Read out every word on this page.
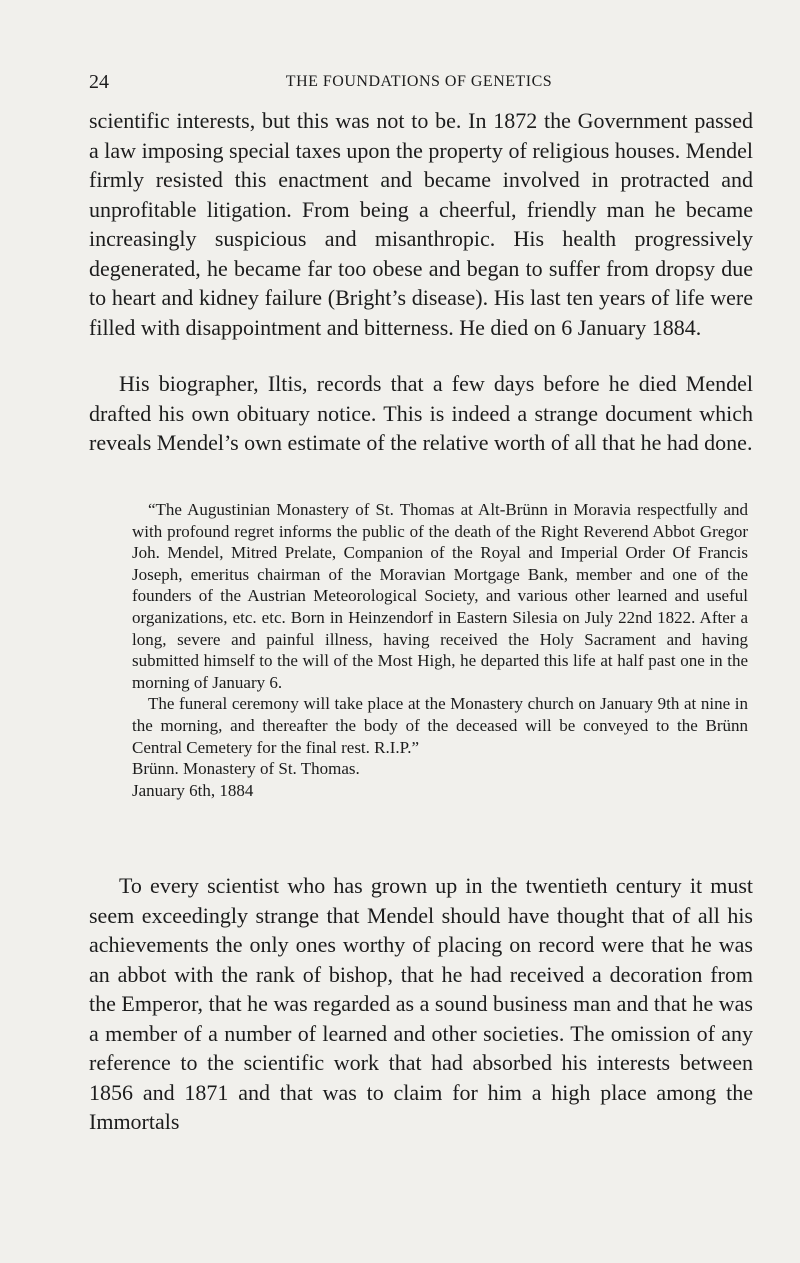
24	THE FOUNDATIONS OF GENETICS

scientific interests, but this was not to be. In 1872 the Government passed a law imposing special taxes upon the property of religious houses. Mendel firmly resisted this enactment and became involved in protracted and unprofitable litigation. From being a cheerful, friendly man he became increasingly suspicious and misanthropic. His health progressively degenerated, he became far too obese and began to suffer from dropsy due to heart and kidney failure (Bright’s disease). His last ten years of life were filled with disappointment and bitterness. He died on 6 January 1884.

His biographer, Iltis, records that a few days before he died Mendel drafted his own obituary notice. This is indeed a strange document which reveals Mendel’s own estimate of the relative worth of all that he had done.

“The Augustinian Monastery of St. Thomas at Alt-Brünn in Moravia respectfully and with profound regret informs the public of the death of the Right Reverend Abbot Gregor Joh. Mendel, Mitred Prelate, Companion of the Royal and Imperial Order Of Francis Joseph, emeritus chairman of the Moravian Mortgage Bank, member and one of the founders of the Austrian Meteorological Society, and various other learned and useful organizations, etc. etc. Born in Heinzendorf in Eastern Silesia on July 22nd 1822. After a long, severe and painful illness, having received the Holy Sacrament and having submitted himself to the will of the Most High, he departed this life at half past one in the morning of January 6.

The funeral ceremony will take place at the Monastery church on January 9th at nine in the morning, and thereafter the body of the deceased will be conveyed to the Brünn Central Cemetery for the final rest. R.I.P.”

Brünn. Monastery of St. Thomas.

January 6th, 1884

To every scientist who has grown up in the twentieth century it must seem exceedingly strange that Mendel should have thought that of all his achievements the only ones worthy of placing on record were that he was an abbot with the rank of bishop, that he had received a decoration from the Emperor, that he was regarded as a sound business man and that he was a member of a number of learned and other societies. The omission of any reference to the scientific work that had absorbed his interests between 1856 and 1871 and that was to claim for him a high place among the Immortals
